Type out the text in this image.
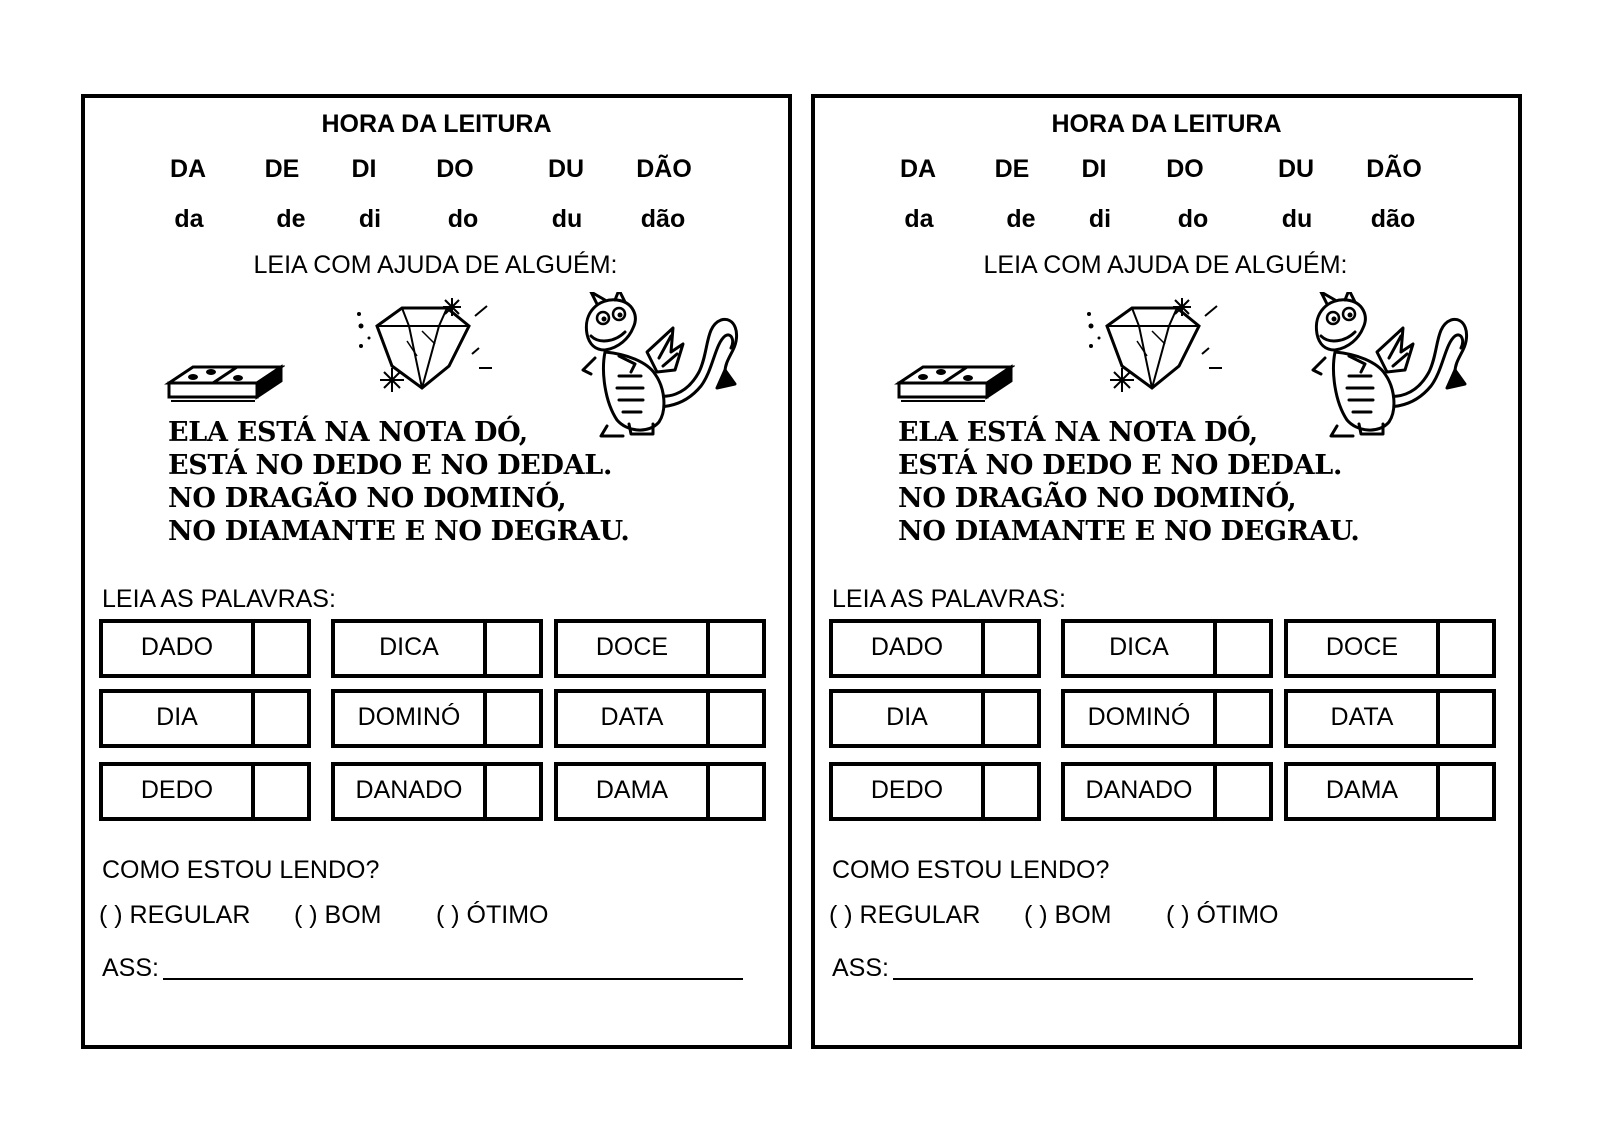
HORA DA LEITURA
DA DE DI DO	DU DÃO
da	de di	do	du dão
LEIA COM AJUDA DE ALGUÉM:
ELA ESTÁ NA NOTA DÓ,
ESTÁ NO DEDO E NO DEDAL.
NO DRAGÃO NO DOMINÓ,
NO DIAMANTE E NO DEGRAU.
LEIA AS PALAVRAS:
DADO	DICA	DOCE
DIA	DOMINÓ	DATA
DEDO	DANADO	DAMA
COMO ESTOU LENDO?
( ) REGULAR ( ) BOM ( ) ÓTIMO
ASS:
HORA DA LEITURA
DA DE DI DO	DU DÃO
da	de di	do	du dão
LEIA COM AJUDA DE ALGUÉM:
ELA ESTÁ NA NOTA DÓ,
ESTÁ NO DEDO E NO DEDAL.
NO DRAGÃO NO DOMINÓ,
NO DIAMANTE E NO DEGRAU.
LEIA AS PALAVRAS:
DADO	DICA	DOCE
DIA	DOMINÓ	DATA
DEDO	DANADO	DAMA
COMO ESTOU LENDO?
( ) REGULAR ( ) BOM ( ) ÓTIMO
ASS:
